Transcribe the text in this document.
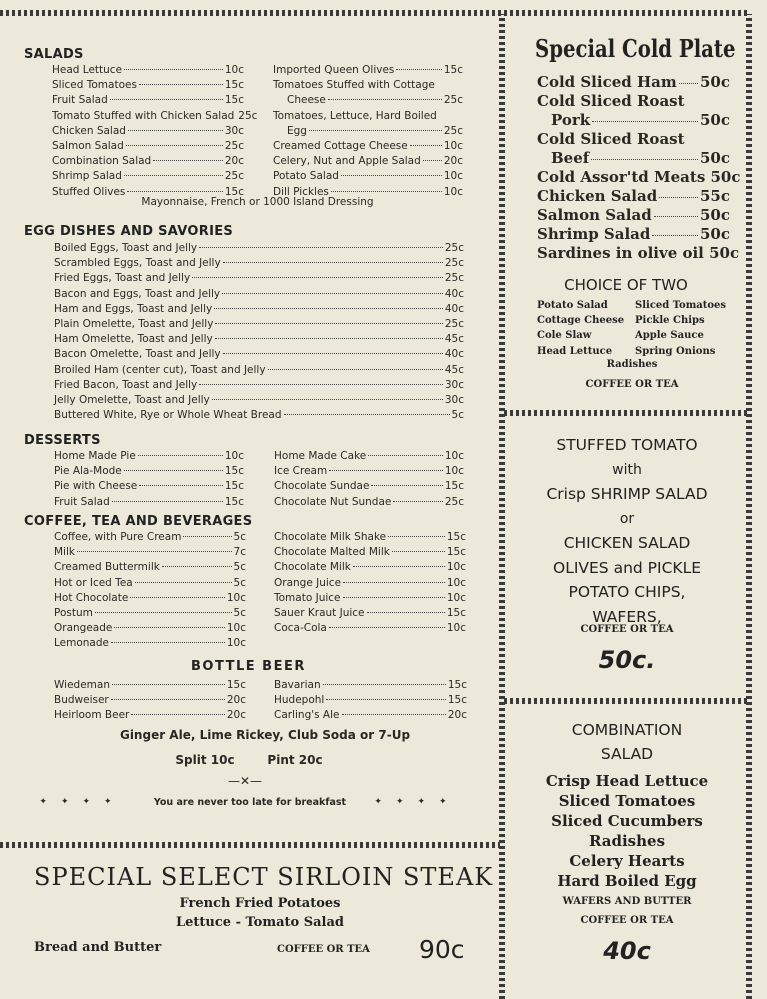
SALADS
Head Lettuce	10c
Sliced Tomatoes	15c
Fruit Salad	15c
Tomato Stuffed with Chicken Salad 25c
Chicken Salad	30c
Salmon Salad	25c
Combination Salad	20c
Shrimp Salad	25c
Stuffed Olives	15c
Imported Queen Olives	15c
Tomatoes Stuffed with Cottage
Cheese	25c
Tomatoes, Lettuce, Hard Boiled
Egg	25c
Creamed Cottage Cheese	10c
Celery, Nut and Apple Salad 20c
Potato Salad	10c
Dill Pickles	10c
Mayonnaise, French or 1000 Island Dressing
EGG DISHES AND SAVORIES
Boiled Eggs, Toast and Jelly	25c
Scrambled Eggs, Toast and Jelly	25c
Fried Eggs, Toast and Jelly	25c
Bacon and Eggs, Toast and Jelly	40c
Ham and Eggs, Toast and Jelly	40c
Plain Omelette, Toast and Jelly	25c
Ham Omelette, Toast and Jelly	45c
Bacon Omelette, Toast and Jelly	40c
Broiled Ham (center cut), Toast and Jelly	45c
Fried Bacon, Toast and Jelly	30c
Jelly Omelette, Toast and Jelly	30c
Buttered White, Rye or Whole Wheat Bread	5c
DESSERTS
Home Made Pie	10c
Pie Ala-Mode	15c
Pie with Cheese	15c
Fruit Salad	15c
Home Made Cake	10c
Ice Cream	10c
Chocolate Sundae	15c
Chocolate Nut Sundae	25c
COFFEE, TEA AND BEVERAGES
Coffee, with Pure Cream	5c
Milk	7c
Creamed Buttermilk	5c
Hot or Iced Tea	5c
Hot Chocolate	10c
Postum	5c
Orangeade	10c
Lemonade	10c
Chocolate Milk Shake	15c
Chocolate Malted Milk	15c
Chocolate Milk	10c
Orange Juice	10c
Tomato Juice	10c
Sauer Kraut Juice	15c
Coca-Cola	10c
BOTTLE BEER
Wiedeman	15c
Budweiser	20c
Heirloom Beer	20c
Bavarian	15c
Hudepohl	15c
Carling's Ale	20c
Ginger Ale, Lime Rickey, Club Soda or 7-Up
Split 10c	Pint 20c
—✕—
✦✦✦✦	You are never too late for breakfast	✦✦✦✦
SPECIAL SELECT SIRLOIN STEAK
French Fried Potatoes
Lettuce - Tomato Salad
Bread and Butter	COFFEE OR TEA 90c
Special Cold Plate
Cold Sliced Ham 50c
Cold Sliced Roast
Pork	50c
Cold Sliced Roast
Beef	50c
Cold Assor'td Meats
50c
Chicken Salad	55c
Salmon Salad	50c
Shrimp Salad	50c
Sardines in olive oil
50c
CHOICE OF TWO
Potato Salad	Sliced Tomatoes
Cottage Cheese	Pickle Chips
Cole Slaw	Apple Sauce
Head Lettuce	Spring Onions
Radishes
COFFEE OR TEA
STUFFED TOMATO
with
Crisp SHRIMP SALAD
or
CHICKEN SALAD
OLIVES and PICKLE
POTATO CHIPS,
WAFERS,
COFFEE OR TEA
50c.
COMBINATION
SALAD
Crisp Head Lettuce
Sliced Tomatoes
Sliced Cucumbers
Radishes
Celery Hearts
Hard Boiled Egg
WAFERS AND BUTTER
COFFEE OR TEA
40c
